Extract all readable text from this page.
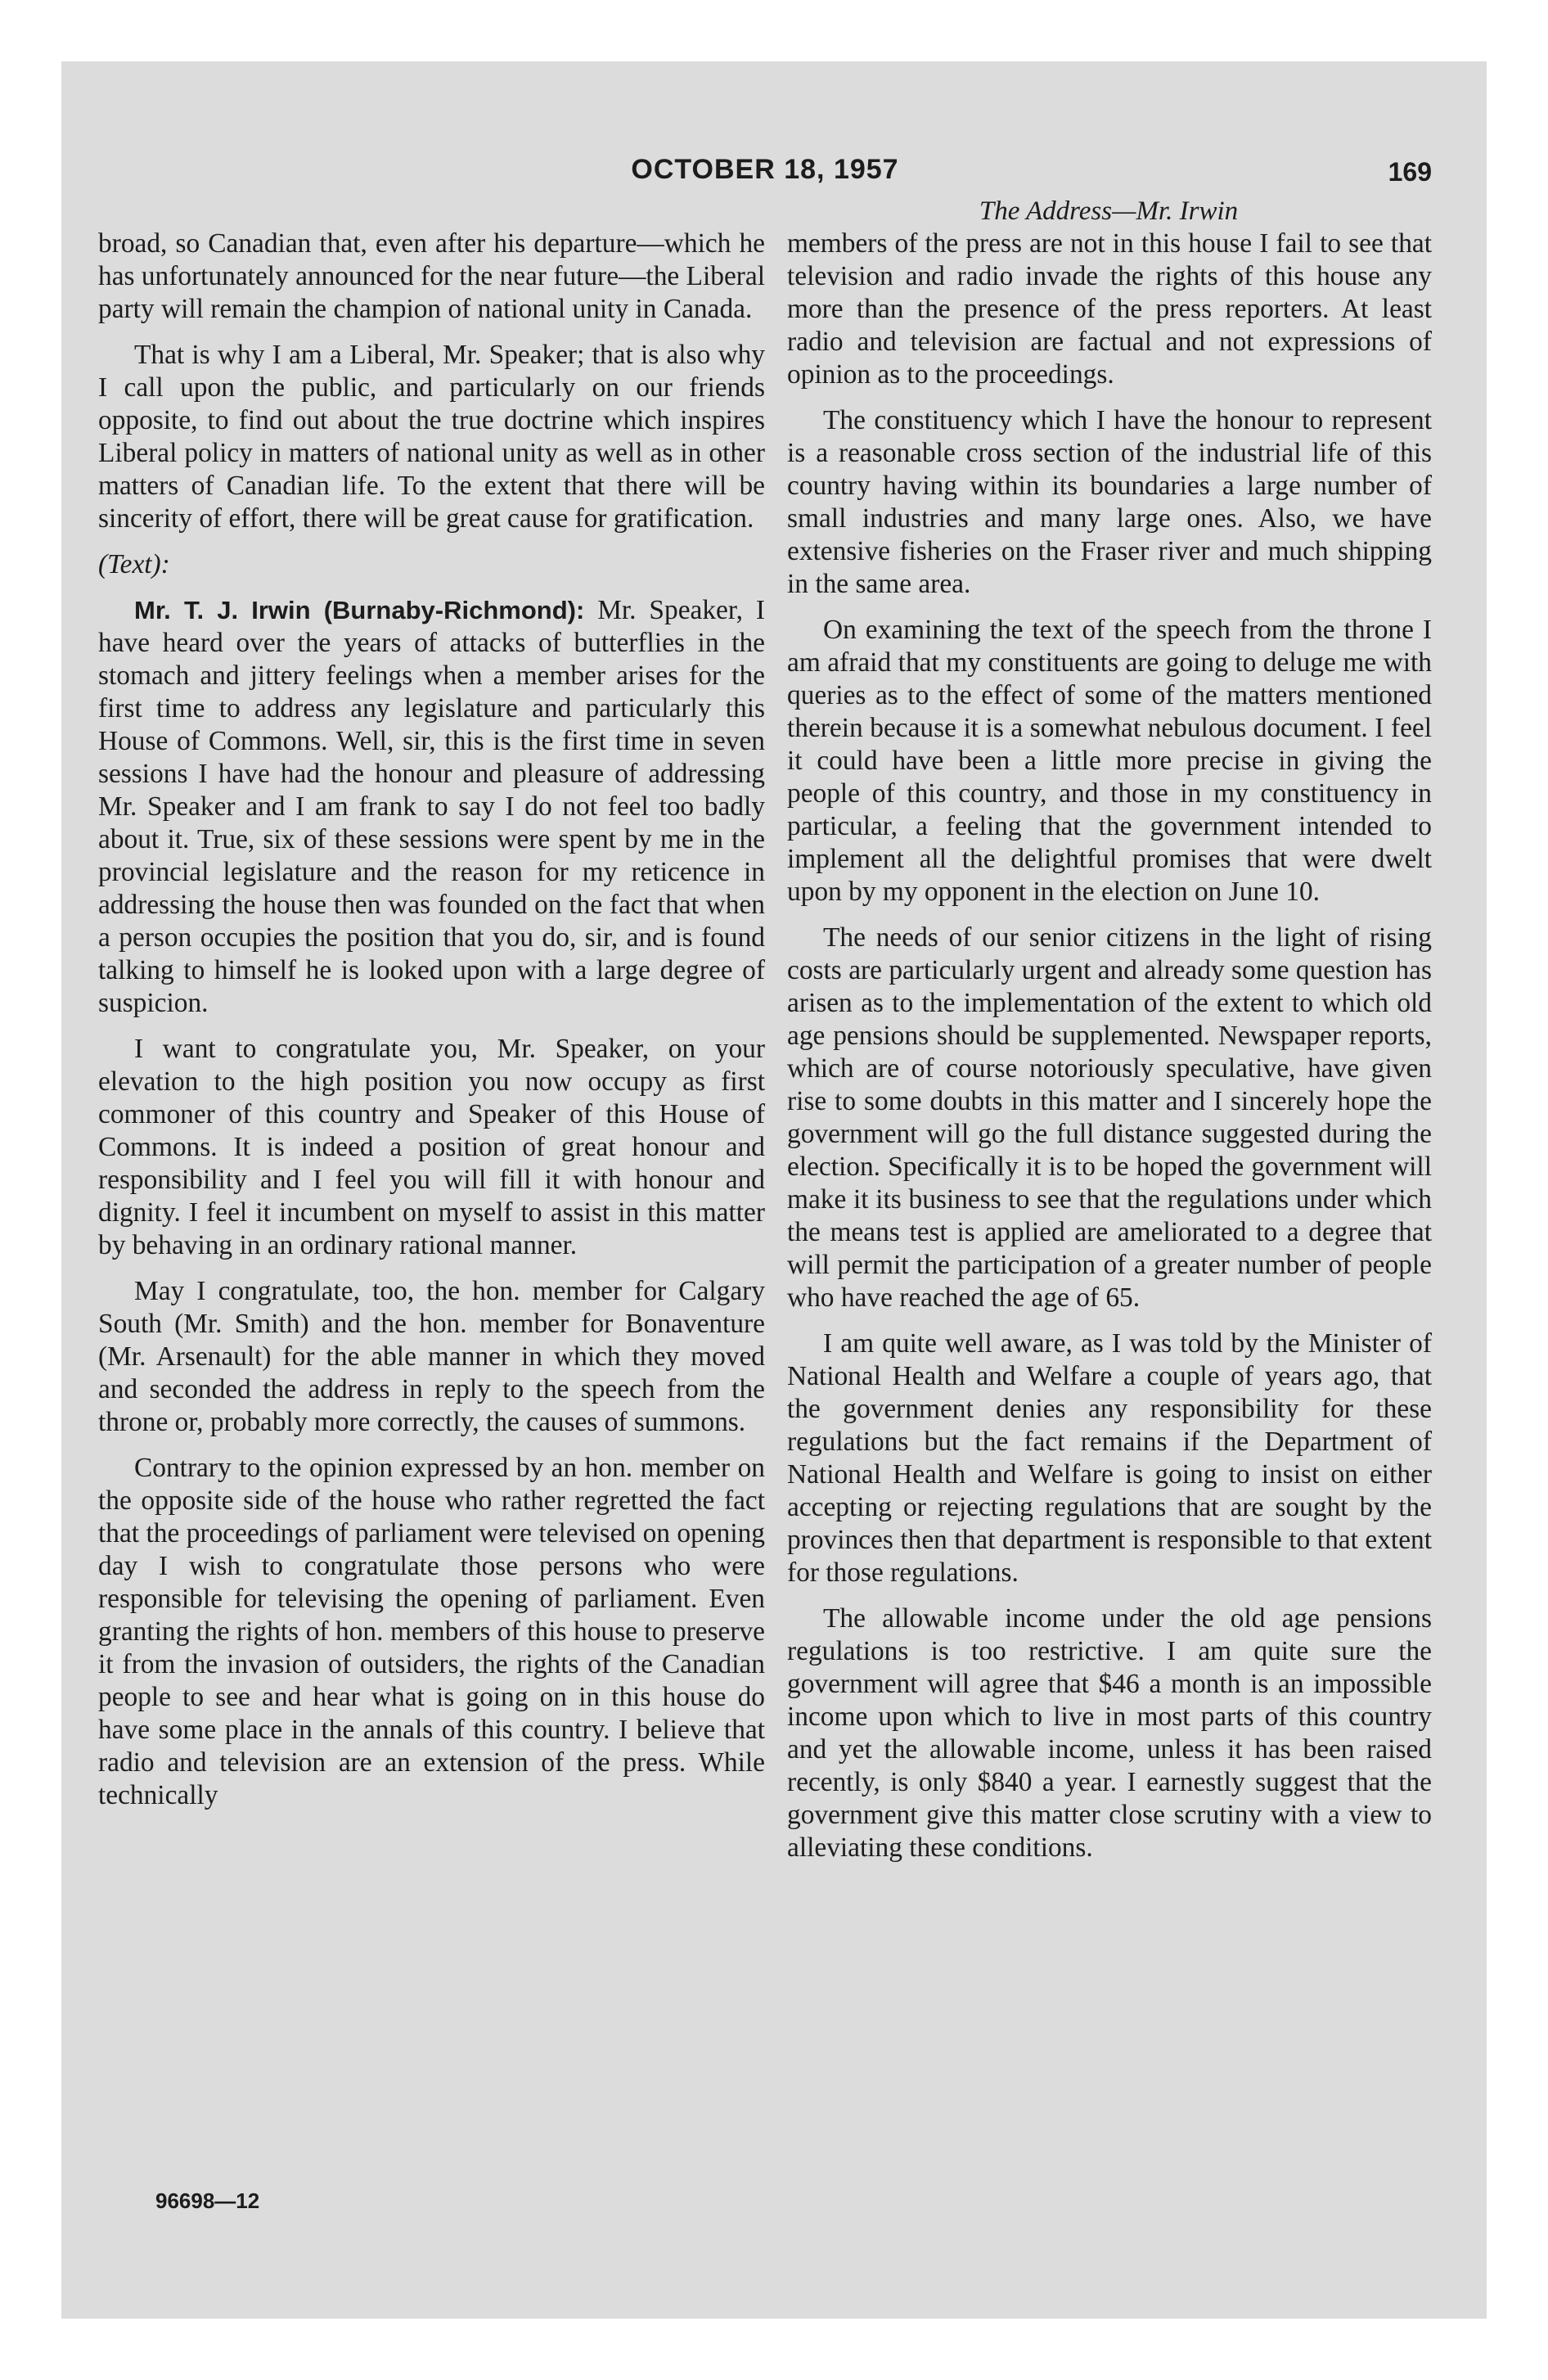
OCTOBER 18, 1957	169
The Address—Mr. Irwin

broad, so Canadian that, even after his departure—which he has unfortunately announced for the near future—the Liberal party will remain the champion of national unity in Canada.

That is why I am a Liberal, Mr. Speaker; that is also why I call upon the public, and particularly on our friends opposite, to find out about the true doctrine which inspires Liberal policy in matters of national unity as well as in other matters of Canadian life. To the extent that there will be sincerity of effort, there will be great cause for gratification.

(Text):

Mr. T. J. Irwin (Burnaby-Richmond): Mr. Speaker, I have heard over the years of attacks of butterflies in the stomach and jittery feelings when a member arises for the first time to address any legislature and particularly this House of Commons. Well, sir, this is the first time in seven sessions I have had the honour and pleasure of addressing Mr. Speaker and I am frank to say I do not feel too badly about it. True, six of these sessions were spent by me in the provincial legislature and the reason for my reticence in addressing the house then was founded on the fact that when a person occupies the position that you do, sir, and is found talking to himself he is looked upon with a large degree of suspicion.

I want to congratulate you, Mr. Speaker, on your elevation to the high position you now occupy as first commoner of this country and Speaker of this House of Commons. It is indeed a position of great honour and responsibility and I feel you will fill it with honour and dignity. I feel it incumbent on myself to assist in this matter by behaving in an ordinary rational manner.

May I congratulate, too, the hon. member for Calgary South (Mr. Smith) and the hon. member for Bonaventure (Mr. Arsenault) for the able manner in which they moved and seconded the address in reply to the speech from the throne or, probably more correctly, the causes of summons.

Contrary to the opinion expressed by an hon. member on the opposite side of the house who rather regretted the fact that the proceedings of parliament were televised on opening day I wish to congratulate those persons who were responsible for televising the opening of parliament. Even granting the rights of hon. members of this house to preserve it from the invasion of outsiders, the rights of the Canadian people to see and hear what is going on in this house do have some place in the annals of this country. I believe that radio and television are an extension of the press. While technically

members of the press are not in this house I fail to see that television and radio invade the rights of this house any more than the presence of the press reporters. At least radio and television are factual and not expressions of opinion as to the proceedings.

The constituency which I have the honour to represent is a reasonable cross section of the industrial life of this country having within its boundaries a large number of small industries and many large ones. Also, we have extensive fisheries on the Fraser river and much shipping in the same area.

On examining the text of the speech from the throne I am afraid that my constituents are going to deluge me with queries as to the effect of some of the matters mentioned therein because it is a somewhat nebulous document. I feel it could have been a little more precise in giving the people of this country, and those in my constituency in particular, a feeling that the government intended to implement all the delightful promises that were dwelt upon by my opponent in the election on June 10.

The needs of our senior citizens in the light of rising costs are particularly urgent and already some question has arisen as to the implementation of the extent to which old age pensions should be supplemented. Newspaper reports, which are of course notoriously speculative, have given rise to some doubts in this matter and I sincerely hope the government will go the full distance suggested during the election. Specifically it is to be hoped the government will make it its business to see that the regulations under which the means test is applied are ameliorated to a degree that will permit the participation of a greater number of people who have reached the age of 65.

I am quite well aware, as I was told by the Minister of National Health and Welfare a couple of years ago, that the government denies any responsibility for these regulations but the fact remains if the Department of National Health and Welfare is going to insist on either accepting or rejecting regulations that are sought by the provinces then that department is responsible to that extent for those regulations.

The allowable income under the old age pensions regulations is too restrictive. I am quite sure the government will agree that $46 a month is an impossible income upon which to live in most parts of this country and yet the allowable income, unless it has been raised recently, is only $840 a year. I earnestly suggest that the government give this matter close scrutiny with a view to alleviating these conditions.

96698—12
